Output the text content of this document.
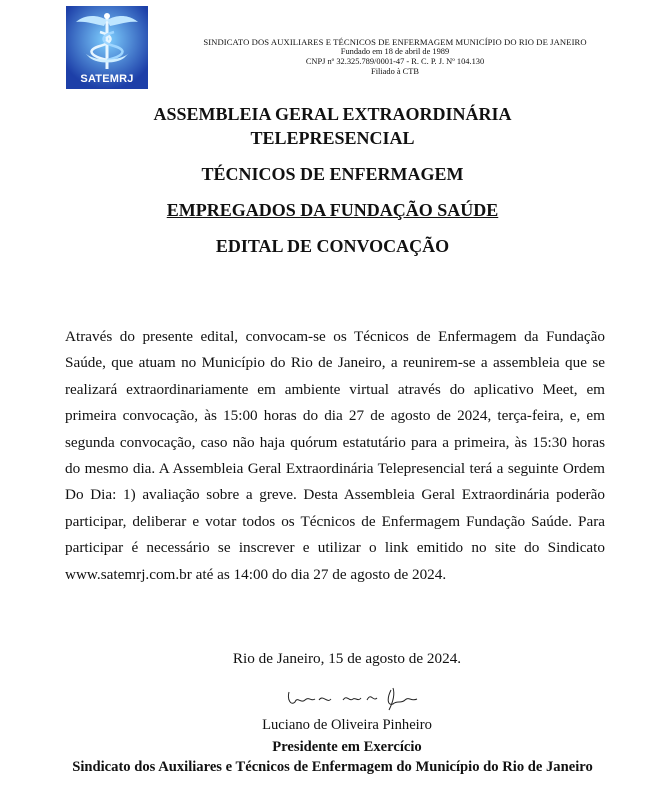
SATEMRJ
SINDICATO DOS AUXILIARES E TÉCNICOS DE ENFERMAGEM MUNICÍPIO DO RIO DE JANEIRO
Fundado em 18 de abril de 1989
CNPJ nº 32.325.789/0001-47 - R. C. P. J. Nº 104.130
Filiado à CTB
ASSEMBLEIA GERAL EXTRAORDINÁRIA
TELEPRESENCIAL
TÉCNICOS DE ENFERMAGEM
EMPREGADOS DA FUNDAÇÃO SAÚDE
EDITAL DE CONVOCAÇÃO
Através do presente edital, convocam-se os Técnicos de Enfermagem da Fundação Saúde, que atuam no Município do Rio de Janeiro, a reunirem-se a assembleia que se realizará extraordinariamente em ambiente virtual através do aplicativo Meet, em primeira convocação, às 15:00 horas do dia 27 de agosto de 2024, terça-feira, e, em segunda convocação, caso não haja quórum estatutário para a primeira, às 15:30 horas do mesmo dia. A Assembleia Geral Extraordinária Telepresencial terá a seguinte Ordem Do Dia: 1) avaliação sobre a greve. Desta Assembleia Geral Extraordinária poderão participar, deliberar e votar todos os Técnicos de Enfermagem Fundação Saúde. Para participar é necessário se inscrever e utilizar o link emitido no site do Sindicato www.satemrj.com.br até as 14:00 do dia 27 de agosto de 2024.
Rio de Janeiro, 15 de agosto de 2024.
Luciano de Oliveira Pinheiro
Presidente em Exercício
Sindicato dos Auxiliares e Técnicos de Enfermagem do Município do Rio de Janeiro
